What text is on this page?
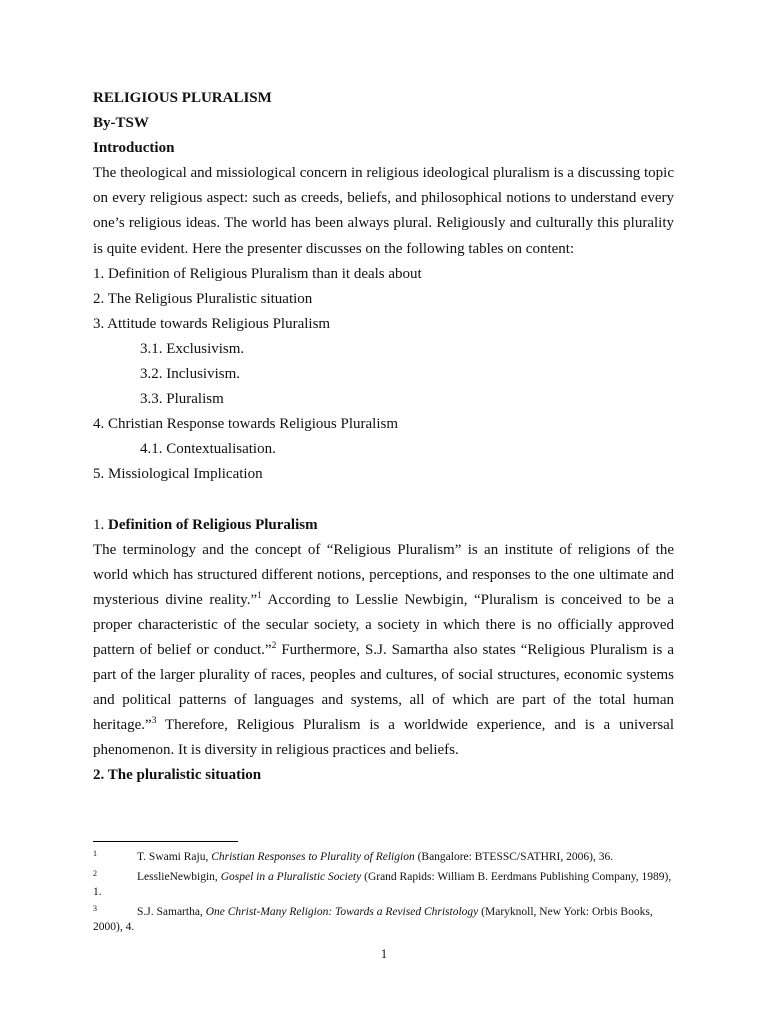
RELIGIOUS PLURALISM

By-TSW

Introduction

The theological and missiological concern in religious ideological pluralism is a discussing topic on every religious aspect: such as creeds, beliefs, and philosophical notions to understand every one’s religious ideas. The world has been always plural. Religiously and culturally this plurality is quite evident. Here the presenter discusses on the following tables on content:

1. Definition of Religious Pluralism than it deals about

2. The Religious Pluralistic situation

3. Attitude towards Religious Pluralism

3.1. Exclusivism.

3.2. Inclusivism.

3.3. Pluralism

4. Christian Response towards Religious Pluralism

4.1. Contextualisation.

5. Missiological Implication

1. Definition of Religious Pluralism

The terminology and the concept of “Religious Pluralism” is an institute of religions of the world which has structured different notions, perceptions, and responses to the one ultimate and mysterious divine reality.”$^1$ According to Lesslie Newbigin, “Pluralism is conceived to be a proper characteristic of the secular society, a society in which there is no officially approved pattern of belief or conduct.”$^2$ Furthermore, S.J. Samartha also states “Religious Pluralism is a part of the larger plurality of races, peoples and cultures, of social structures, economic systems and political patterns of languages and systems, all of which are part of the total human heritage.”$^3$ Therefore, Religious Pluralism is a worldwide experience, and is a universal phenomenon. It is diversity in religious practices and beliefs.

2. The pluralistic situation

$^1$	T. Swami Raju, Christian Responses to Plurality of Religion (Bangalore: BTESSC/SATHRI, 2006), 36.

$^2$	LesslieNewbigin, Gospel in a Pluralistic Society (Grand Rapids: William B. Eerdmans Publishing Company, 1989), 1.

$^3$	S.J. Samartha, One Christ-Many Religion: Towards a Revised Christology (Maryknoll, New York: Orbis Books, 2000), 4.

1
